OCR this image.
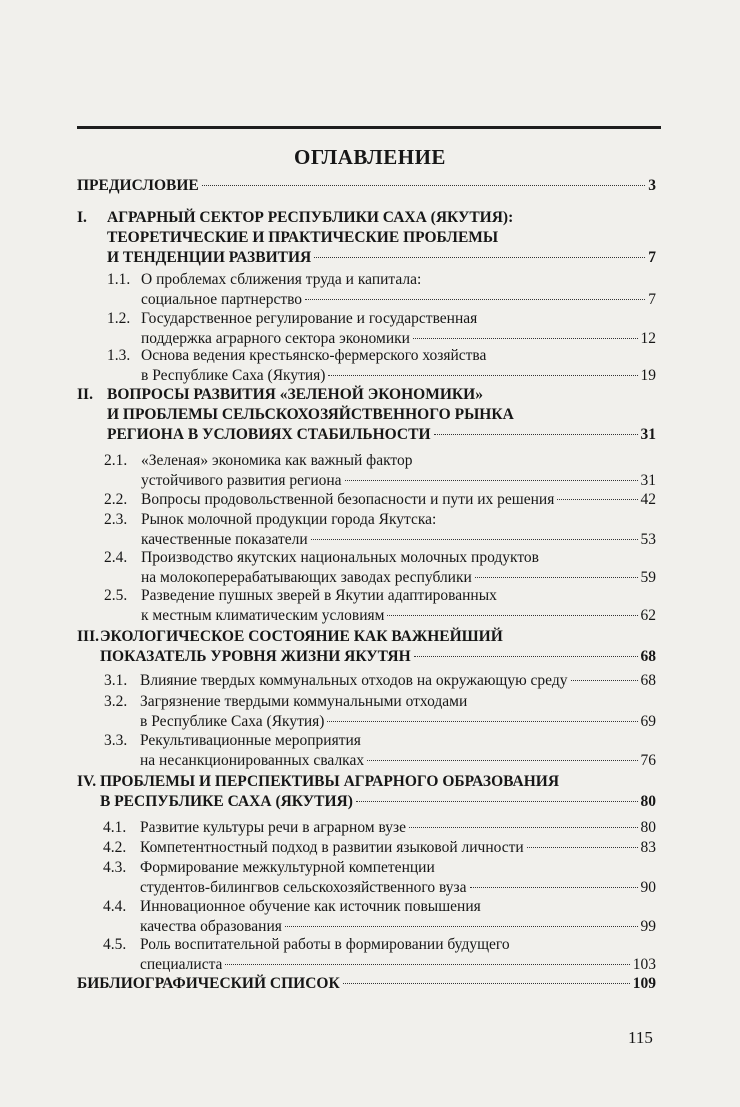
ОГЛАВЛЕНИЕ
ПРЕДИСЛОВИЕ	3
I. АГРАРНЫЙ СЕКТОР РЕСПУБЛИКИ САХА (ЯКУТИЯ):
ТЕОРЕТИЧЕСКИЕ И ПРАКТИЧЕСКИЕ ПРОБЛЕМЫ
И ТЕНДЕНЦИИ РАЗВИТИЯ	7
1.1. О проблемах сближения труда и капитала:
социальное партнерство	7
1.2. Государственное регулирование и государственная
поддержка аграрного сектора экономики	12
1.3. Основа ведения крестьянско-фермерского хозяйства
в Республике Саха (Якутия)	19
II. ВОПРОСЫ РАЗВИТИЯ «ЗЕЛЕНОЙ ЭКОНОМИКИ»
И ПРОБЛЕМЫ СЕЛЬСКОХОЗЯЙСТВЕННОГО РЫНКА
РЕГИОНА В УСЛОВИЯХ СТАБИЛЬНОСТИ	31
2.1. «Зеленая» экономика как важный фактор
устойчивого развития региона	31
2.2. Вопросы продовольственной безопасности и пути их решения	42
2.3. Рынок молочной продукции города Якутска:
качественные показатели	53
2.4. Производство якутских национальных молочных продуктов
на молокоперерабатывающих заводах республики	59
2.5. Разведение пушных зверей в Якутии адаптированных
к местным климатическим условиям	62
III. ЭКОЛОГИЧЕСКОЕ СОСТОЯНИЕ КАК ВАЖНЕЙШИЙ
ПОКАЗАТЕЛЬ УРОВНЯ ЖИЗНИ ЯКУТЯН	68
3.1. Влияние твердых коммунальных отходов на окружающую среду	68
3.2. Загрязнение твердыми коммунальными отходами
в Республике Саха (Якутия)	69
3.3. Рекультивационные мероприятия
на несанкционированных свалках	76
IV. ПРОБЛЕМЫ И ПЕРСПЕКТИВЫ АГРАРНОГО ОБРАЗОВАНИЯ
В РЕСПУБЛИКЕ САХА (ЯКУТИЯ)	80
4.1. Развитие культуры речи в аграрном вузе	80
4.2. Компетентностный подход в развитии языковой личности	83
4.3. Формирование межкультурной компетенции
студентов-билингвов сельскохозяйственного вуза	90
4.4. Инновационное обучение как источник повышения
качества образования	99
4.5. Роль воспитательной работы в формировании будущего
специалиста	103
БИБЛИОГРАФИЧЕСКИЙ СПИСОК	109
115
